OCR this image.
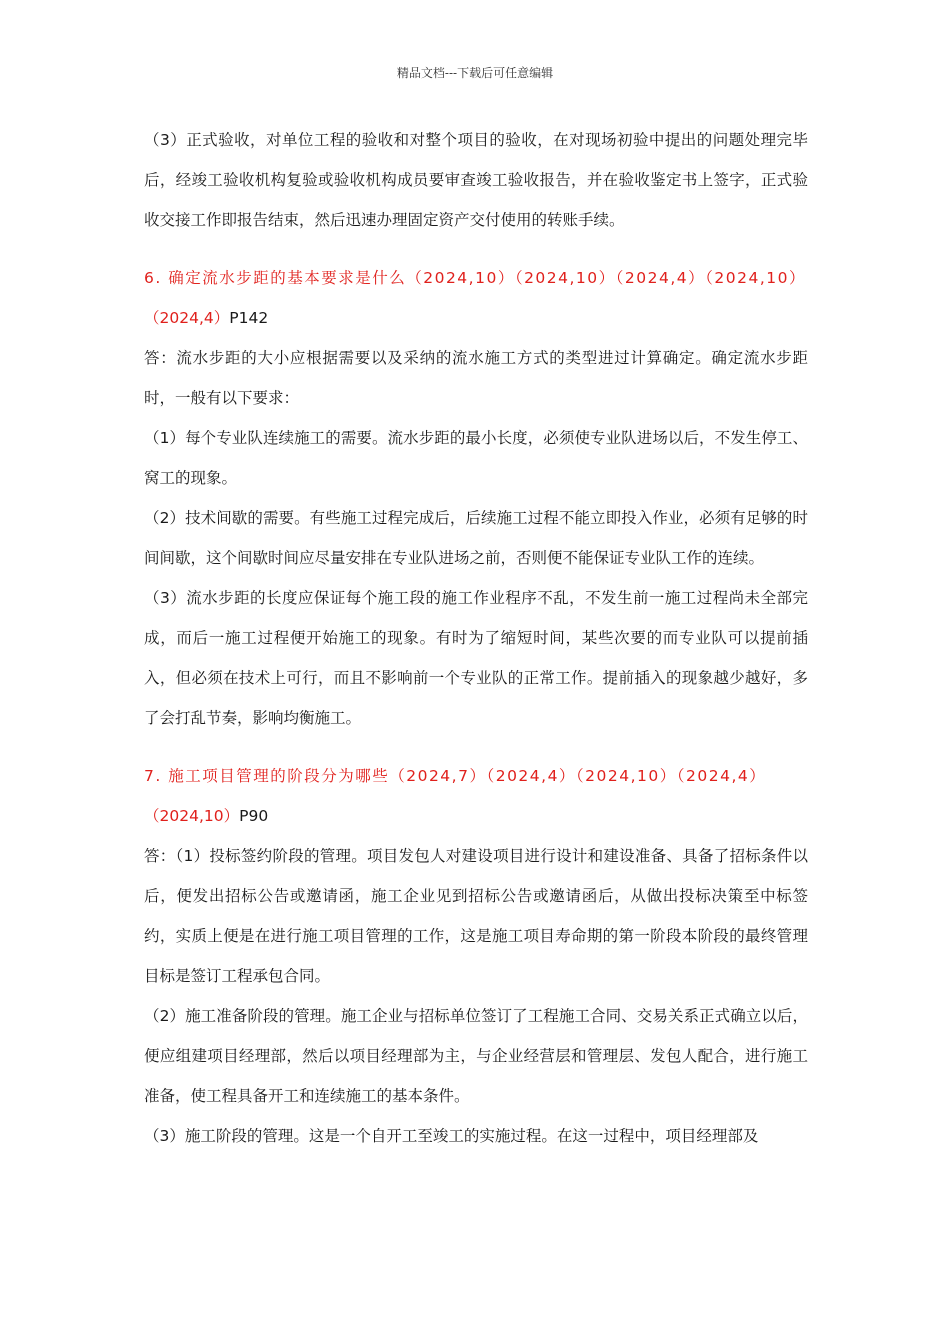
精品文档---下载后可任意编辑

（3）正式验收，对单位工程的验收和对整个项目的验收，在对现场初验中提出的问题处理完毕后，经竣工验收机构复验或验收机构成员要审查竣工验收报告，并在验收鉴定书上签字，正式验收交接工作即报告结束，然后迅速办理固定资产交付使用的转账手续。

6. 确定流水步距的基本要求是什么（2024,10）（2024,10）（2024,4）（2024,10）

（2024,4）P142

答：流水步距的大小应根据需要以及采纳的流水施工方式的类型进过计算确定。确定流水步距时，一般有以下要求：

（1）每个专业队连续施工的需要。流水步距的最小长度，必须使专业队进场以后，不发生停工、窝工的现象。

（2）技术间歇的需要。有些施工过程完成后，后续施工过程不能立即投入作业，必须有足够的时间间歇，这个间歇时间应尽量安排在专业队进场之前，否则便不能保证专业队工作的连续。

（3）流水步距的长度应保证每个施工段的施工作业程序不乱，不发生前一施工过程尚未全部完成，而后一施工过程便开始施工的现象。有时为了缩短时间，某些次要的而专业队可以提前插入，但必须在技术上可行，而且不影响前一个专业队的正常工作。提前插入的现象越少越好，多了会打乱节奏，影响均衡施工。

7. 施工项目管理的阶段分为哪些（2024,7）（2024,4）（2024,10）（2024,4）

（2024,10）P90

答：（1）投标签约阶段的管理。项目发包人对建设项目进行设计和建设准备、具备了招标条件以后，便发出招标公告或邀请函，施工企业见到招标公告或邀请函后，从做出投标决策至中标签约，实质上便是在进行施工项目管理的工作，这是施工项目寿命期的第一阶段本阶段的最终管理目标是签订工程承包合同。

（2）施工准备阶段的管理。施工企业与招标单位签订了工程施工合同、交易关系正式确立以后，便应组建项目经理部，然后以项目经理部为主，与企业经营层和管理层、发包人配合，进行施工准备，使工程具备开工和连续施工的基本条件。

（3）施工阶段的管理。这是一个自开工至竣工的实施过程。在这一过程中，项目经理部及
